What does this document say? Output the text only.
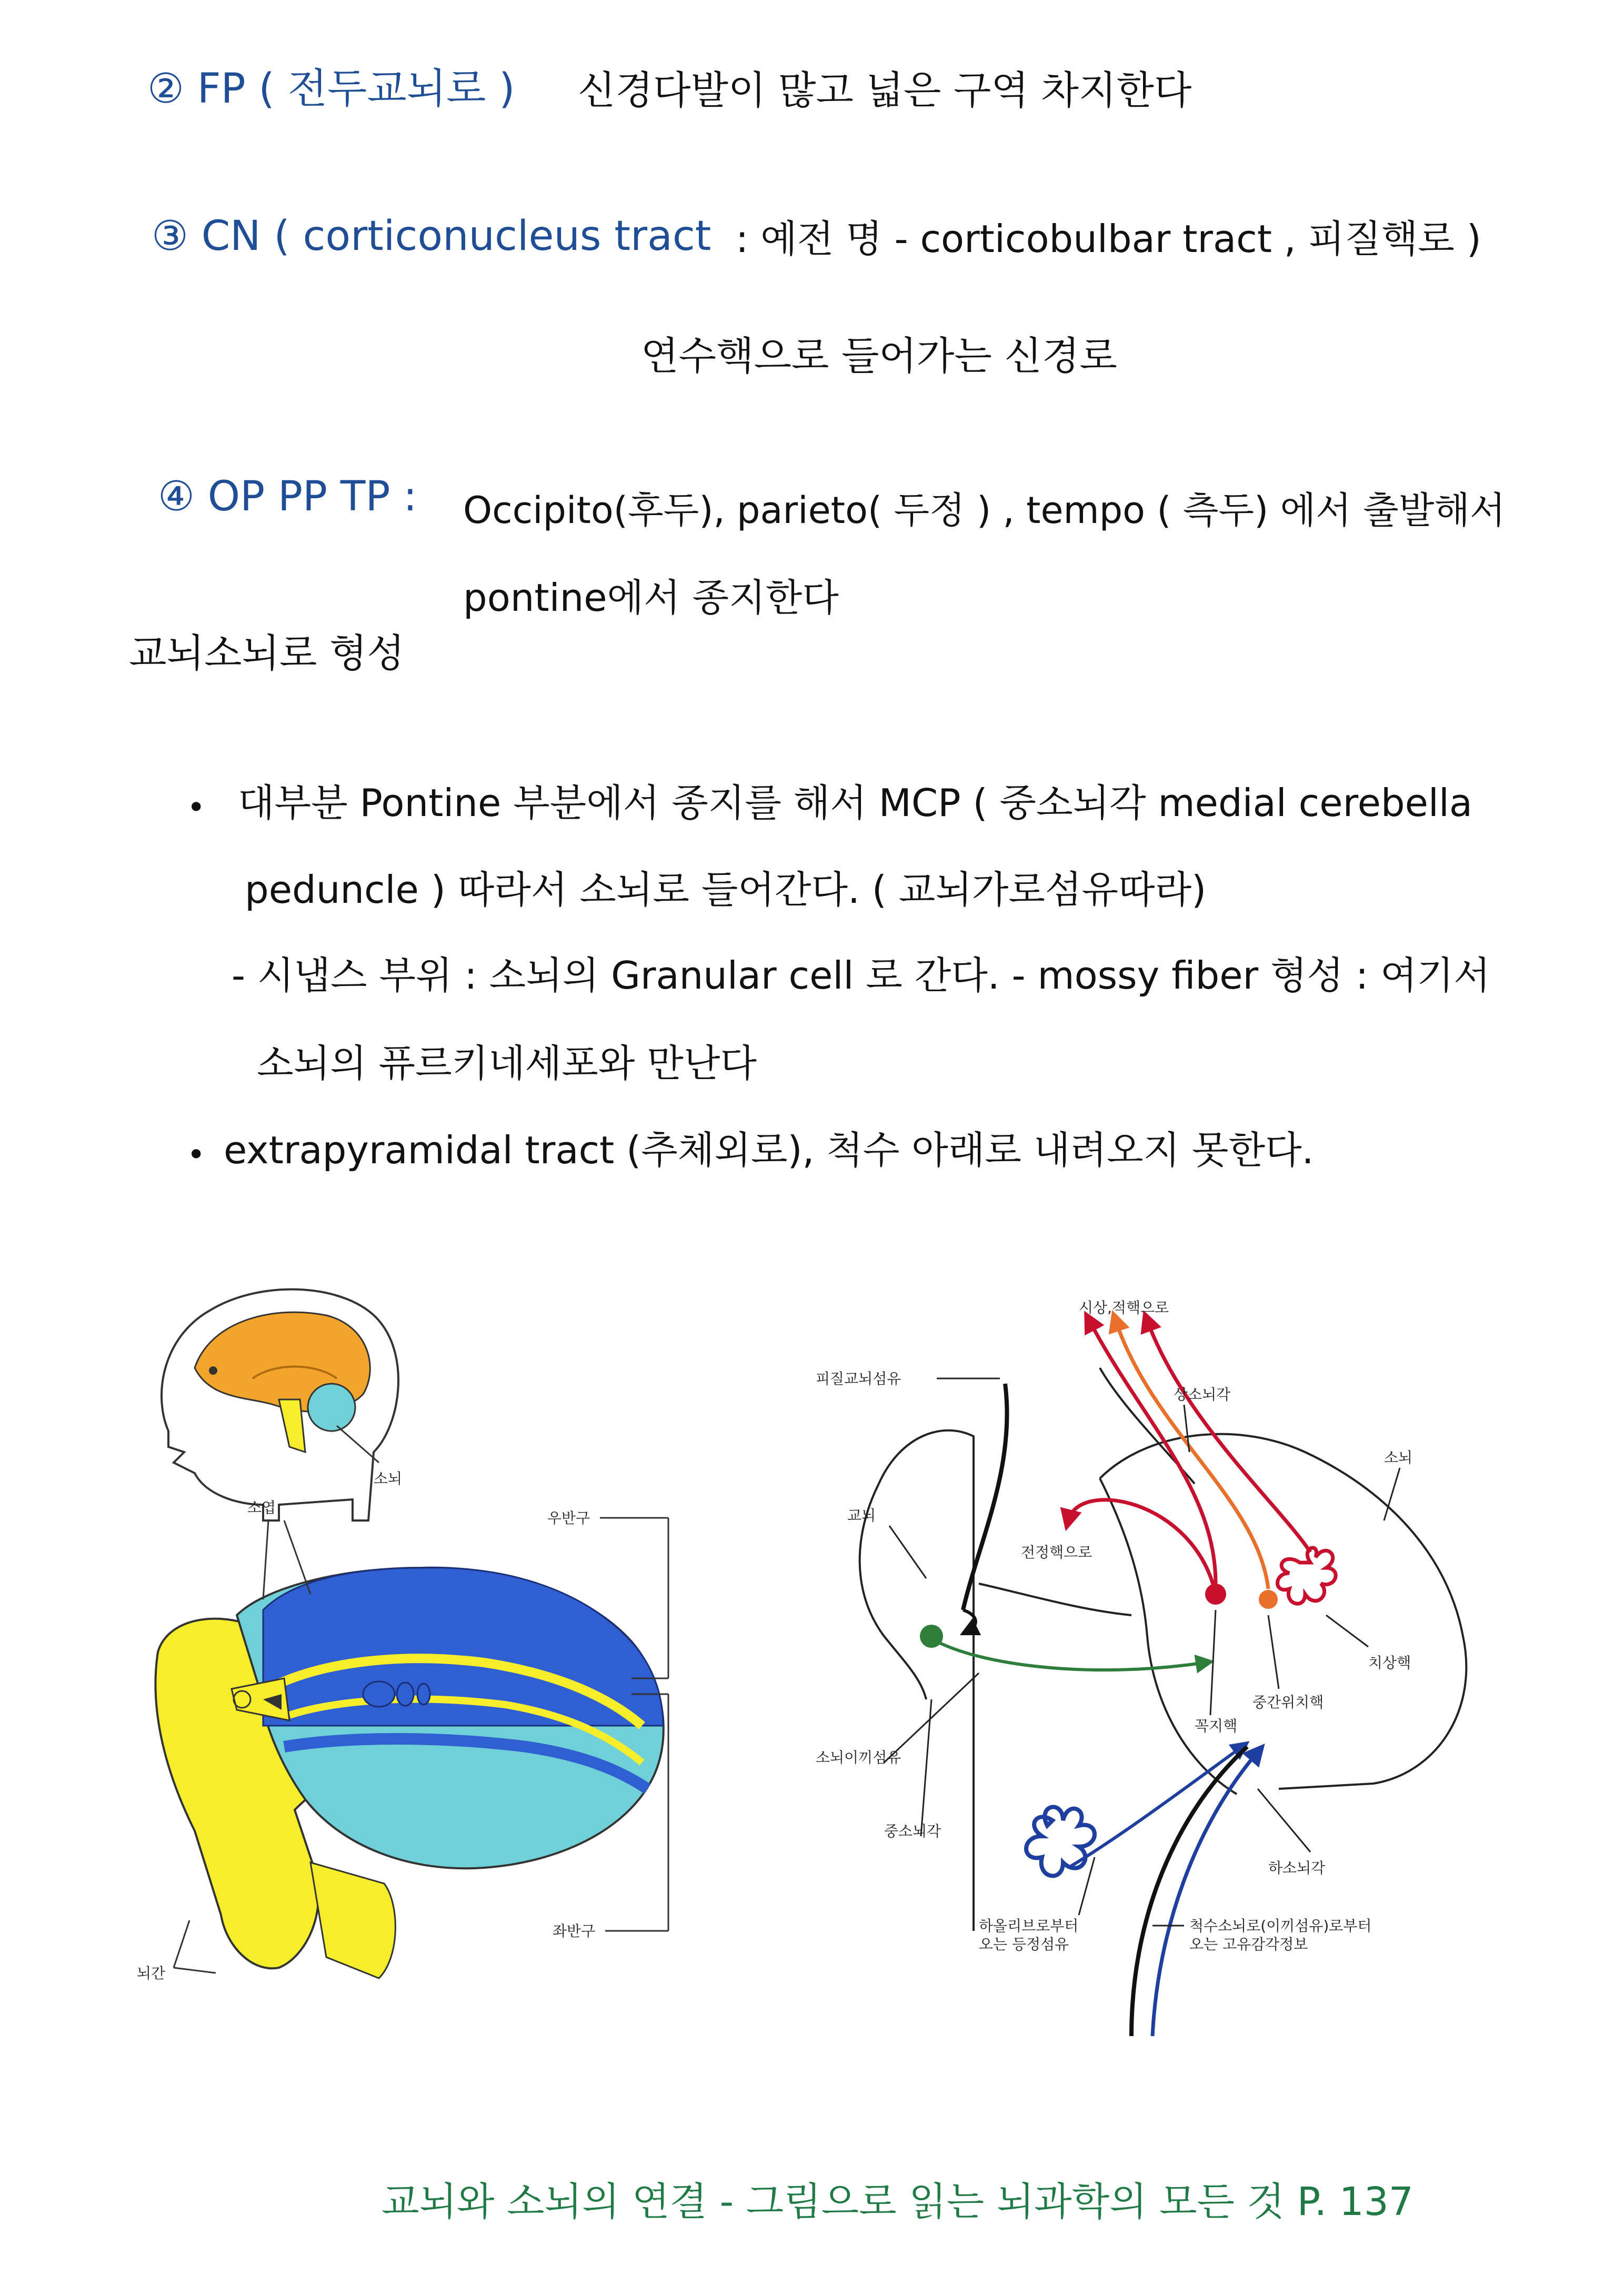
② FP ( 전두교뇌로 ) 신경다발이 많고 넓은 구역 차지한다
③ CN ( corticonucleus tract : 예전 명 - corticobulbar tract , 피질핵로 )
연수핵으로 들어가는 신경로
④ OP PP TP : Occipito(후두), parieto( 두정 ) , tempo ( 측두) 에서 출발해서
pontine에서 종지한다
교뇌소뇌로 형성
• 대부분 Pontine 부분에서 종지를 해서 MCP ( 중소뇌각 medial cerebella
peduncle ) 따라서 소뇌로 들어간다. ( 교뇌가로섬유따라)
- 시냅스 부위 : 소뇌의 Granular cell 로 간다. - mossy fiber 형성 : 여기서
소뇌의 퓨르키네세포와 만난다
• extrapyramidal tract (추체외로), 척수 아래로 내려오지 못한다.
소뇌
소엽
우반구
좌반구
뇌간
피질교뇌섬유
시상,적핵으로
상소뇌각
소뇌
교뇌
전정핵으로
치상핵
중간위치핵
꼭지핵
소뇌이끼섬유
중소뇌각
하소뇌각
하올리브로부터
오는 등정섬유
척수소뇌로(이끼섬유)로부터
오는 고유감각정보
교뇌와 소뇌의 연결 - 그림으로 읽는 뇌과학의 모든 것 P. 137
